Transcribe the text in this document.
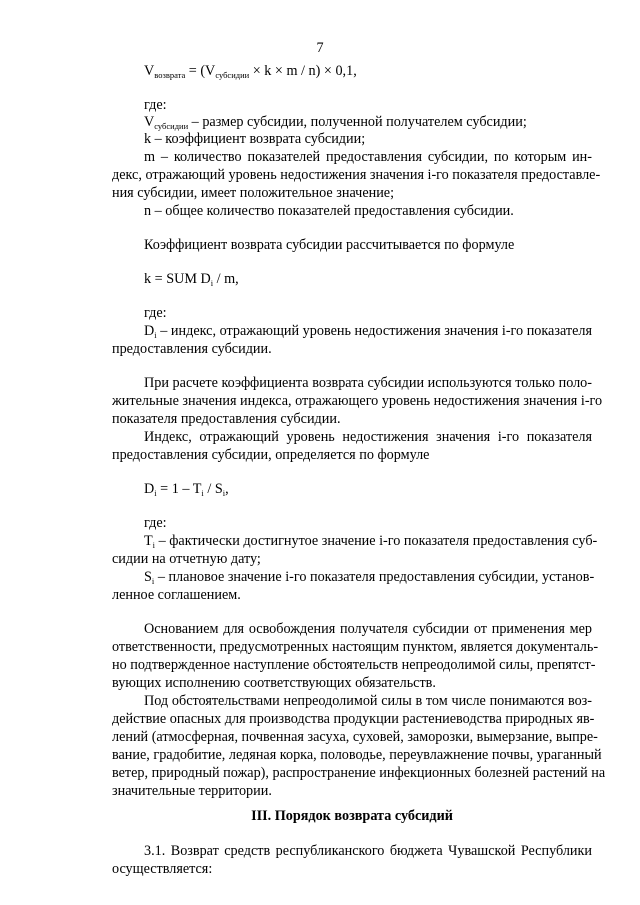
7
$V_{возврата} = (V_{субсидии} \times k \times m / n) \times 0,1$,
где:
$V_{субсидии}$ – размер субсидии, полученной получателем субсидии;
k – коэффициент возврата субсидии;
m – количество показателей предоставления субсидии, по которым ин-
декс, отражающий уровень недостижения значения i-го показателя предоставле-
ния субсидии, имеет положительное значение;
n – общее количество показателей предоставления субсидии.
Коэффициент возврата субсидии рассчитывается по формуле
k = SUM $D_i$ / m,
где:
$D_i$ – индекс, отражающий уровень недостижения значения i-го показателя
предоставления субсидии.
При расчете коэффициента возврата субсидии используются только поло-
жительные значения индекса, отражающего уровень недостижения значения i-го
показателя предоставления субсидии.
Индекс, отражающий уровень недостижения значения i-го показателя
предоставления субсидии, определяется по формуле
$D_i = 1 - T_i / S_i$,
где:
$T_i$ – фактически достигнутое значение i-го показателя предоставления суб-
сидии на отчетную дату;
$S_i$ – плановое значение i-го показателя предоставления субсидии, установ-
ленное соглашением.
Основанием для освобождения получателя субсидии от применения мер
ответственности, предусмотренных настоящим пунктом, является документаль-
но подтвержденное наступление обстоятельств непреодолимой силы, препятст-
вующих исполнению соответствующих обязательств.
Под обстоятельствами непреодолимой силы в том числе понимаются воз-
действие опасных для производства продукции растениеводства природных яв-
лений (атмосферная, почвенная засуха, суховей, заморозки, вымерзание, выпре-
вание, градобитие, ледяная корка, половодье, переувлажнение почвы, ураганный
ветер, природный пожар), распространение инфекционных болезней растений на
значительные территории.
III. Порядок возврата субсидий
3.1. Возврат средств республиканского бюджета Чувашской Республики
осуществляется:
